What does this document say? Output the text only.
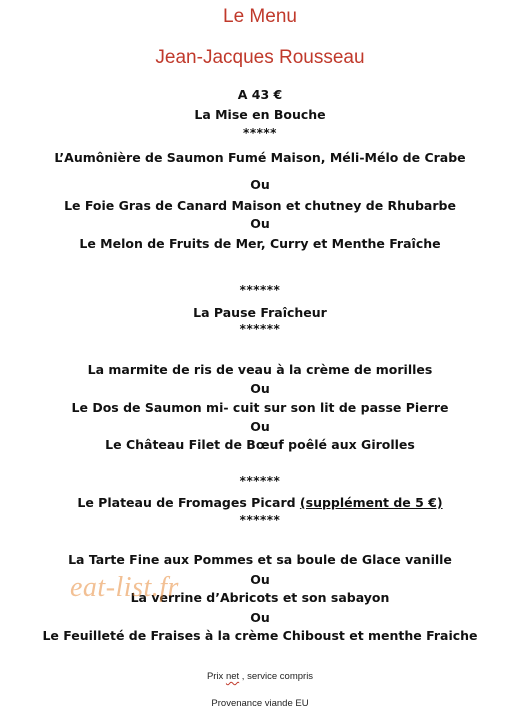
Le Menu
Jean-Jacques Rousseau
A 43 €
La Mise en Bouche
*****
L’Aumônière de Saumon Fumé Maison, Méli-Mélo de Crabe
Ou
Le Foie Gras de Canard Maison et chutney de Rhubarbe
Ou
Le Melon de Fruits de Mer, Curry et Menthe Fraîche
******
La Pause Fraîcheur
******
La marmite de ris de veau à la crème de morilles
Ou
Le Dos de Saumon mi- cuit sur son lit de passe Pierre
Ou
Le Château Filet de Bœuf poêlé aux Girolles
******
Le Plateau de Fromages Picard (supplément de 5 €)
******
La Tarte Fine aux Pommes et sa boule de Glace vanille
Ou
La verrine d’Abricots et son sabayon
Ou
Le Feuilleté de Fraises à la crème Chiboust et menthe Fraiche
Prix net , service compris
Provenance viande EU
eat-list.fr
